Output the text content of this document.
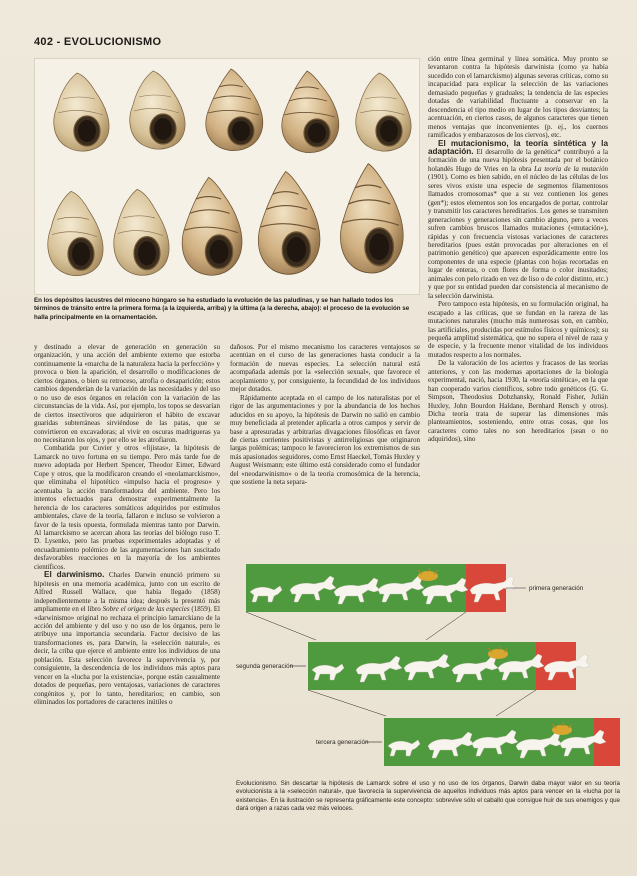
402 - EVOLUCIONISMO
En los depósitos lacustres del mioceno húngaro se ha estudiado la evolución de las paludinas, y se han hallado todos los términos de tránsito entre la primera forma (a la izquierda, arriba) y la última (a la derecha, abajo): el proceso de la evolución se halla principalmente en la ornamentación.

y destinado a elevar de generación en generación su organización, y una acción del ambiente externo que estorba continuamente la «marcha de la naturaleza hacia la perfección» y provoca o bien la aparición, el desarrollo o modificaciones de ciertos órganos, o bien su retroceso, atrofia o desaparición; estos cambios dependerían de la variación de las necesidades y del uso o no uso de esos órganos en relación con la variación de las circunstancias de la vida. Así, por ejemplo, los topos se desvarían de ciertos insectívoros que adquirieron el hábito de excavar guaridas subterráneas sirviéndose de las patas, que se convirtieron en excavadoras; al vivir en oscuras madrigueras ya no necesitaron los ojos, y por ello se les atrofiaron.

Combatida por Cuvier y otros «fijistas», la hipótesis de Lamarck no tuvo fortuna en su tiempo. Pero más tarde fue de nuevo adoptada por Herbert Spencer, Theodor Eimer, Edward Cope y otros, que la modificaron creando el «neolamarckismo», que eliminaba el hipotético «impulso hacia el progreso» y acentuaba la acción transformadora del ambiente. Pero los intentos efectuados para demostrar experimentalmente la herencia de los caracteres somáticos adquiridos por estímulos ambientales, clave de la teoría, fallaron e incluso se volvieron a favor de la tesis opuesta, formulada mientras tanto por Darwin. Al lamarckismo se acercan ahora las teorías del biólogo ruso T. D. Lysenko, pero las pruebas experimentales adoptadas y el encuadramiento polémico de las argumentaciones han suscitado desfavorables reacciones en la mayoría de los ambientes científicos.

El darwinismo. Charles Darwin enunció primero su hipótesis en una memoria académica, junto con un escrito de Alfred Russell Wallace, que había llegado (1858) independientemente a la misma idea; después la presentó más ampliamente en el libro Sobre el origen de las especies (1859). El «darwinismo» original no rechaza el principio lamarckiano de la acción del ambiente y del uso y no uso de los órganos, pero le atribuye una importancia secundaria. Factor decisivo de las transformaciones es, para Darwin, la «selección natural», es decir, la criba que ejerce el ambiente entre los individuos de una población. Esta selección favorece la supervivencia y, por consiguiente, la descendencia de los individuos más aptos para vencer en la «lucha por la existencia», porque están casualmente dotados de pequeñas, pero ventajosas, variaciones de caracteres congénitos y, por lo tanto, hereditarios; en cambio, son eliminados los portadores de caracteres inútiles o

dañosos. Por el mismo mecanismo los caracteres ventajosos se acentúan en el curso de las generaciones hasta conducir a la formación de nuevas especies. La selección natural está acompañada además por la «selección sexual», que favorece el acoplamiento y, por consiguiente, la fecundidad de los individuos mejor dotados.

Rápidamente aceptada en el campo de los naturalistas por el rigor de las argumentaciones y por la abundancia de los hechos aducidos en su apoyo, la hipótesis de Darwin no salió en cambio muy beneficiada al pretender aplicarla a otros campos y servir de base a apresuradas y arbitrarias divagaciones filosóficas en favor de ciertas corrientes positivistas y antirreligiosas que originaron largas polémicas; tampoco le favorecieron los extremismos de sus más apasionados seguidores, como Ernst Haeckel, Tomás Huxley y August Weismann; este último está considerado como el fundador del «neodarwinismo» o de la teoría cromosómica de la herencia, que sostiene la neta separa-

ción entre línea germinal y línea somática. Muy pronto se levantaron contra la hipótesis darwinista (como ya había sucedido con el lamarckismo) algunas severas críticas, como su incapacidad para explicar la selección de las variaciones demasiado pequeñas y graduales; la tendencia de las especies dotadas de variabilidad fluctuante a conservar en la descendencia el tipo medio en lugar de los tipos desviantes; la acentuación, en ciertos casos, de algunos caracteres que tienen menos ventajas que inconvenientes (p. ej., los cuernos ramificados y embarazosos de los ciervos), etc.

El mutacionismo, la teoría sintética y la adaptación. El desarrollo de la genética* contribuyó a la formación de una nueva hipótesis presentada por el botánico holandés Hugo de Vries en la obra La teoría de la mutación (1901). Como es bien sabido, en el núcleo de las células de los seres vivos existe una especie de segmentos filamentosos llamados cromosomas* que a su vez contienen los genes (gen*); estos elementos son los encargados de portar, controlar y transmitir los caracteres hereditarios. Los genes se transmiten generaciones y generaciones sin cambio alguno, pero a veces sufren cambios bruscos llamados mutaciones («mutación»), rápidas y con frecuencia vistosas variaciones de caracteres hereditarios (pues están provocadas por alteraciones en el patrimonio genético) que aparecen esporádicamente entre los componentes de una especie (plantas con hojas recortadas en lugar de enteras, o con flores de forma o color inusitados; animales con pelo rizado en vez de liso o de color distinto, etc.) y que por su entidad pueden dar consistencia al mecanismo de la selección darwinista.

Pero tampoco esta hipótesis, en su formulación original, ha escapado a las críticas, que se fundan en la rareza de las mutaciones naturales (mucho más numerosas son, en cambio, las artificiales, producidas por estímulos físicos y químicos); su pequeña amplitud sistemática, que no supera el nivel de raza y de especie, y la frecuente menor vitalidad de los individuos mutados respecto a los normales.

De la valoración de los aciertos y fracasos de las teorías anteriores, y con las modernas aportaciones de la biología experimental, nació, hacia 1930, la «teoría sintética», en la que han cooperado varios científicos, sobre todo genéticos (G. G. Simpson, Theodosius Dobzhansky, Ronald Fisher, Julián Huxley, John Bourdon Haldane, Bernhard Rensch y otros). Dicha teoría trata de superar las dimensiones más planteamientos, sosteniendo, entre otras cosas, que los caracteres como tales no son hereditarios (sean o no adquiridos), sino

primera generación
segunda generación
tercera generación
Evolucionismo. Sin descartar la hipótesis de Lamarck sobre el uso y no uso de los órganos, Darwin daba mayor valor en su teoría evolucionista a la «selección natural», que favorecía la supervivencia de aquellos individuos más aptos para vencer en la «lucha por la existencia». En la ilustración se representa gráficamente este concepto: sobrevive sólo el caballo que consigue huir de sus enemigos y que dará origen a razas cada vez más veloces.
